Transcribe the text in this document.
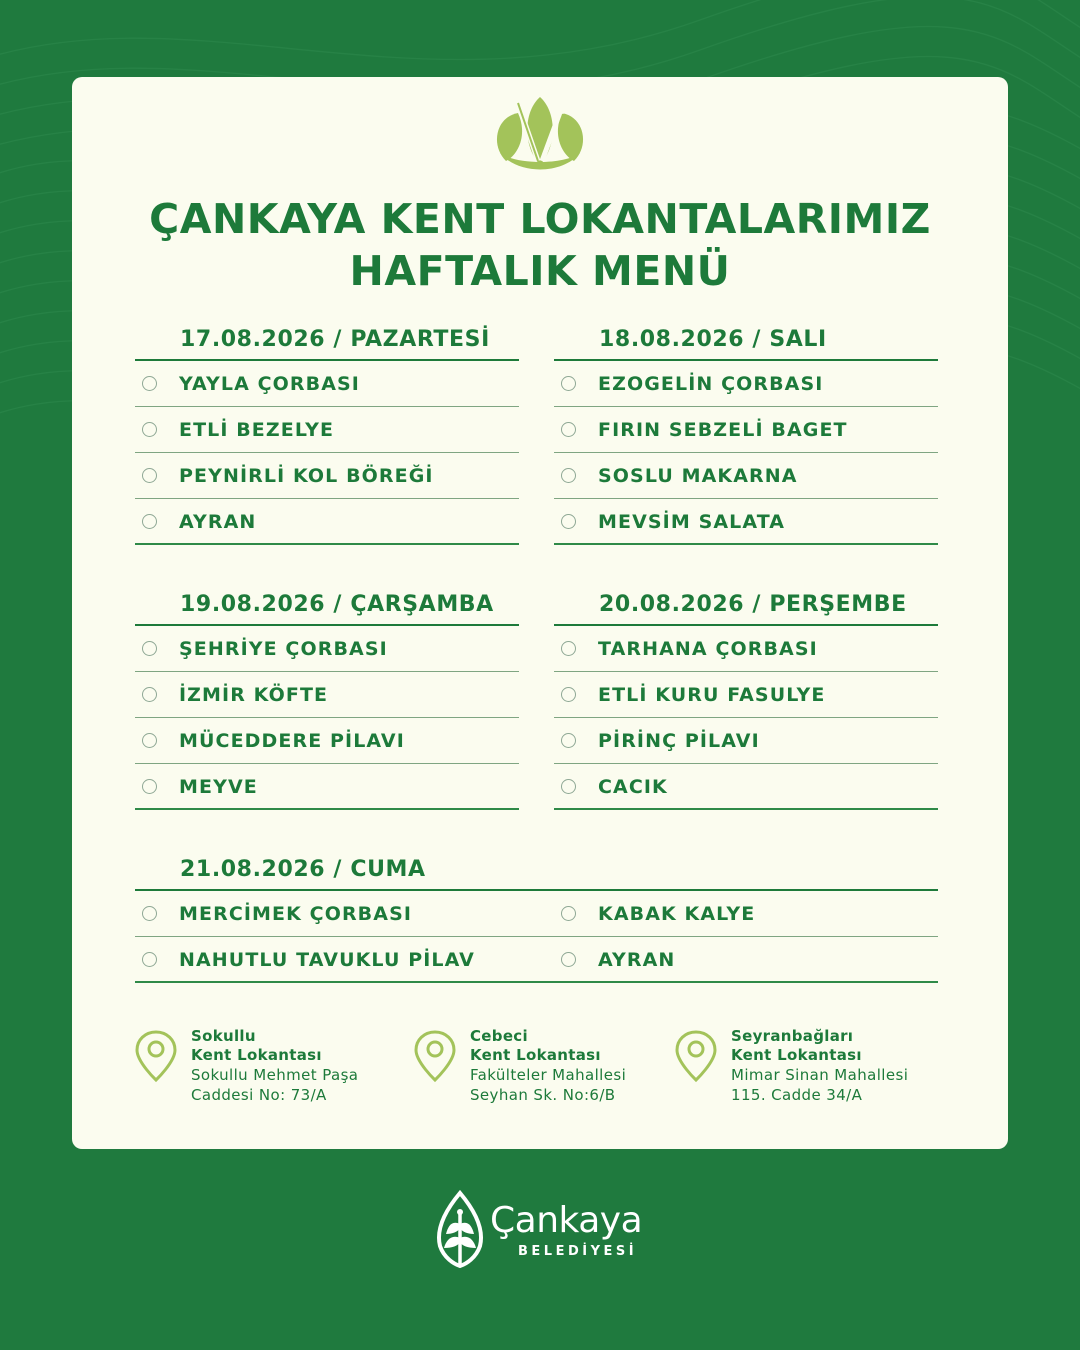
ÇANKAYA KENT LOKANTALARIMIZ
HAFTALIK MENÜ
17.08.2026 / PAZARTESİ
YAYLA ÇORBASI
ETLİ BEZELYE
PEYNİRLİ KOL BÖREĞİ
AYRAN
18.08.2026 / SALI
EZOGELİN ÇORBASI
FIRIN SEBZELİ BAGET
SOSLU MAKARNA
MEVSİM SALATA
19.08.2026 / ÇARŞAMBA
ŞEHRİYE ÇORBASI
İZMİR KÖFTE
MÜCEDDERE PİLAVI
MEYVE
20.08.2026 / PERŞEMBE
TARHANA ÇORBASI
ETLİ KURU FASULYE
PİRİNÇ PİLAVI
CACIK
21.08.2026 / CUMA
MERCİMEK ÇORBASI
NAHUTLU TAVUKLU PİLAV
KABAK KALYE
AYRAN
Sokullu
Kent Lokantası
Sokullu Mehmet Paşa
Caddesi No: 73/A
Cebeci
Kent Lokantası
Fakülteler Mahallesi
Seyhan Sk. No:6/B
Seyranbağları
Kent Lokantası
Mimar Sinan Mahallesi
115. Cadde 34/A
Çankaya
BELEDİYESİ
